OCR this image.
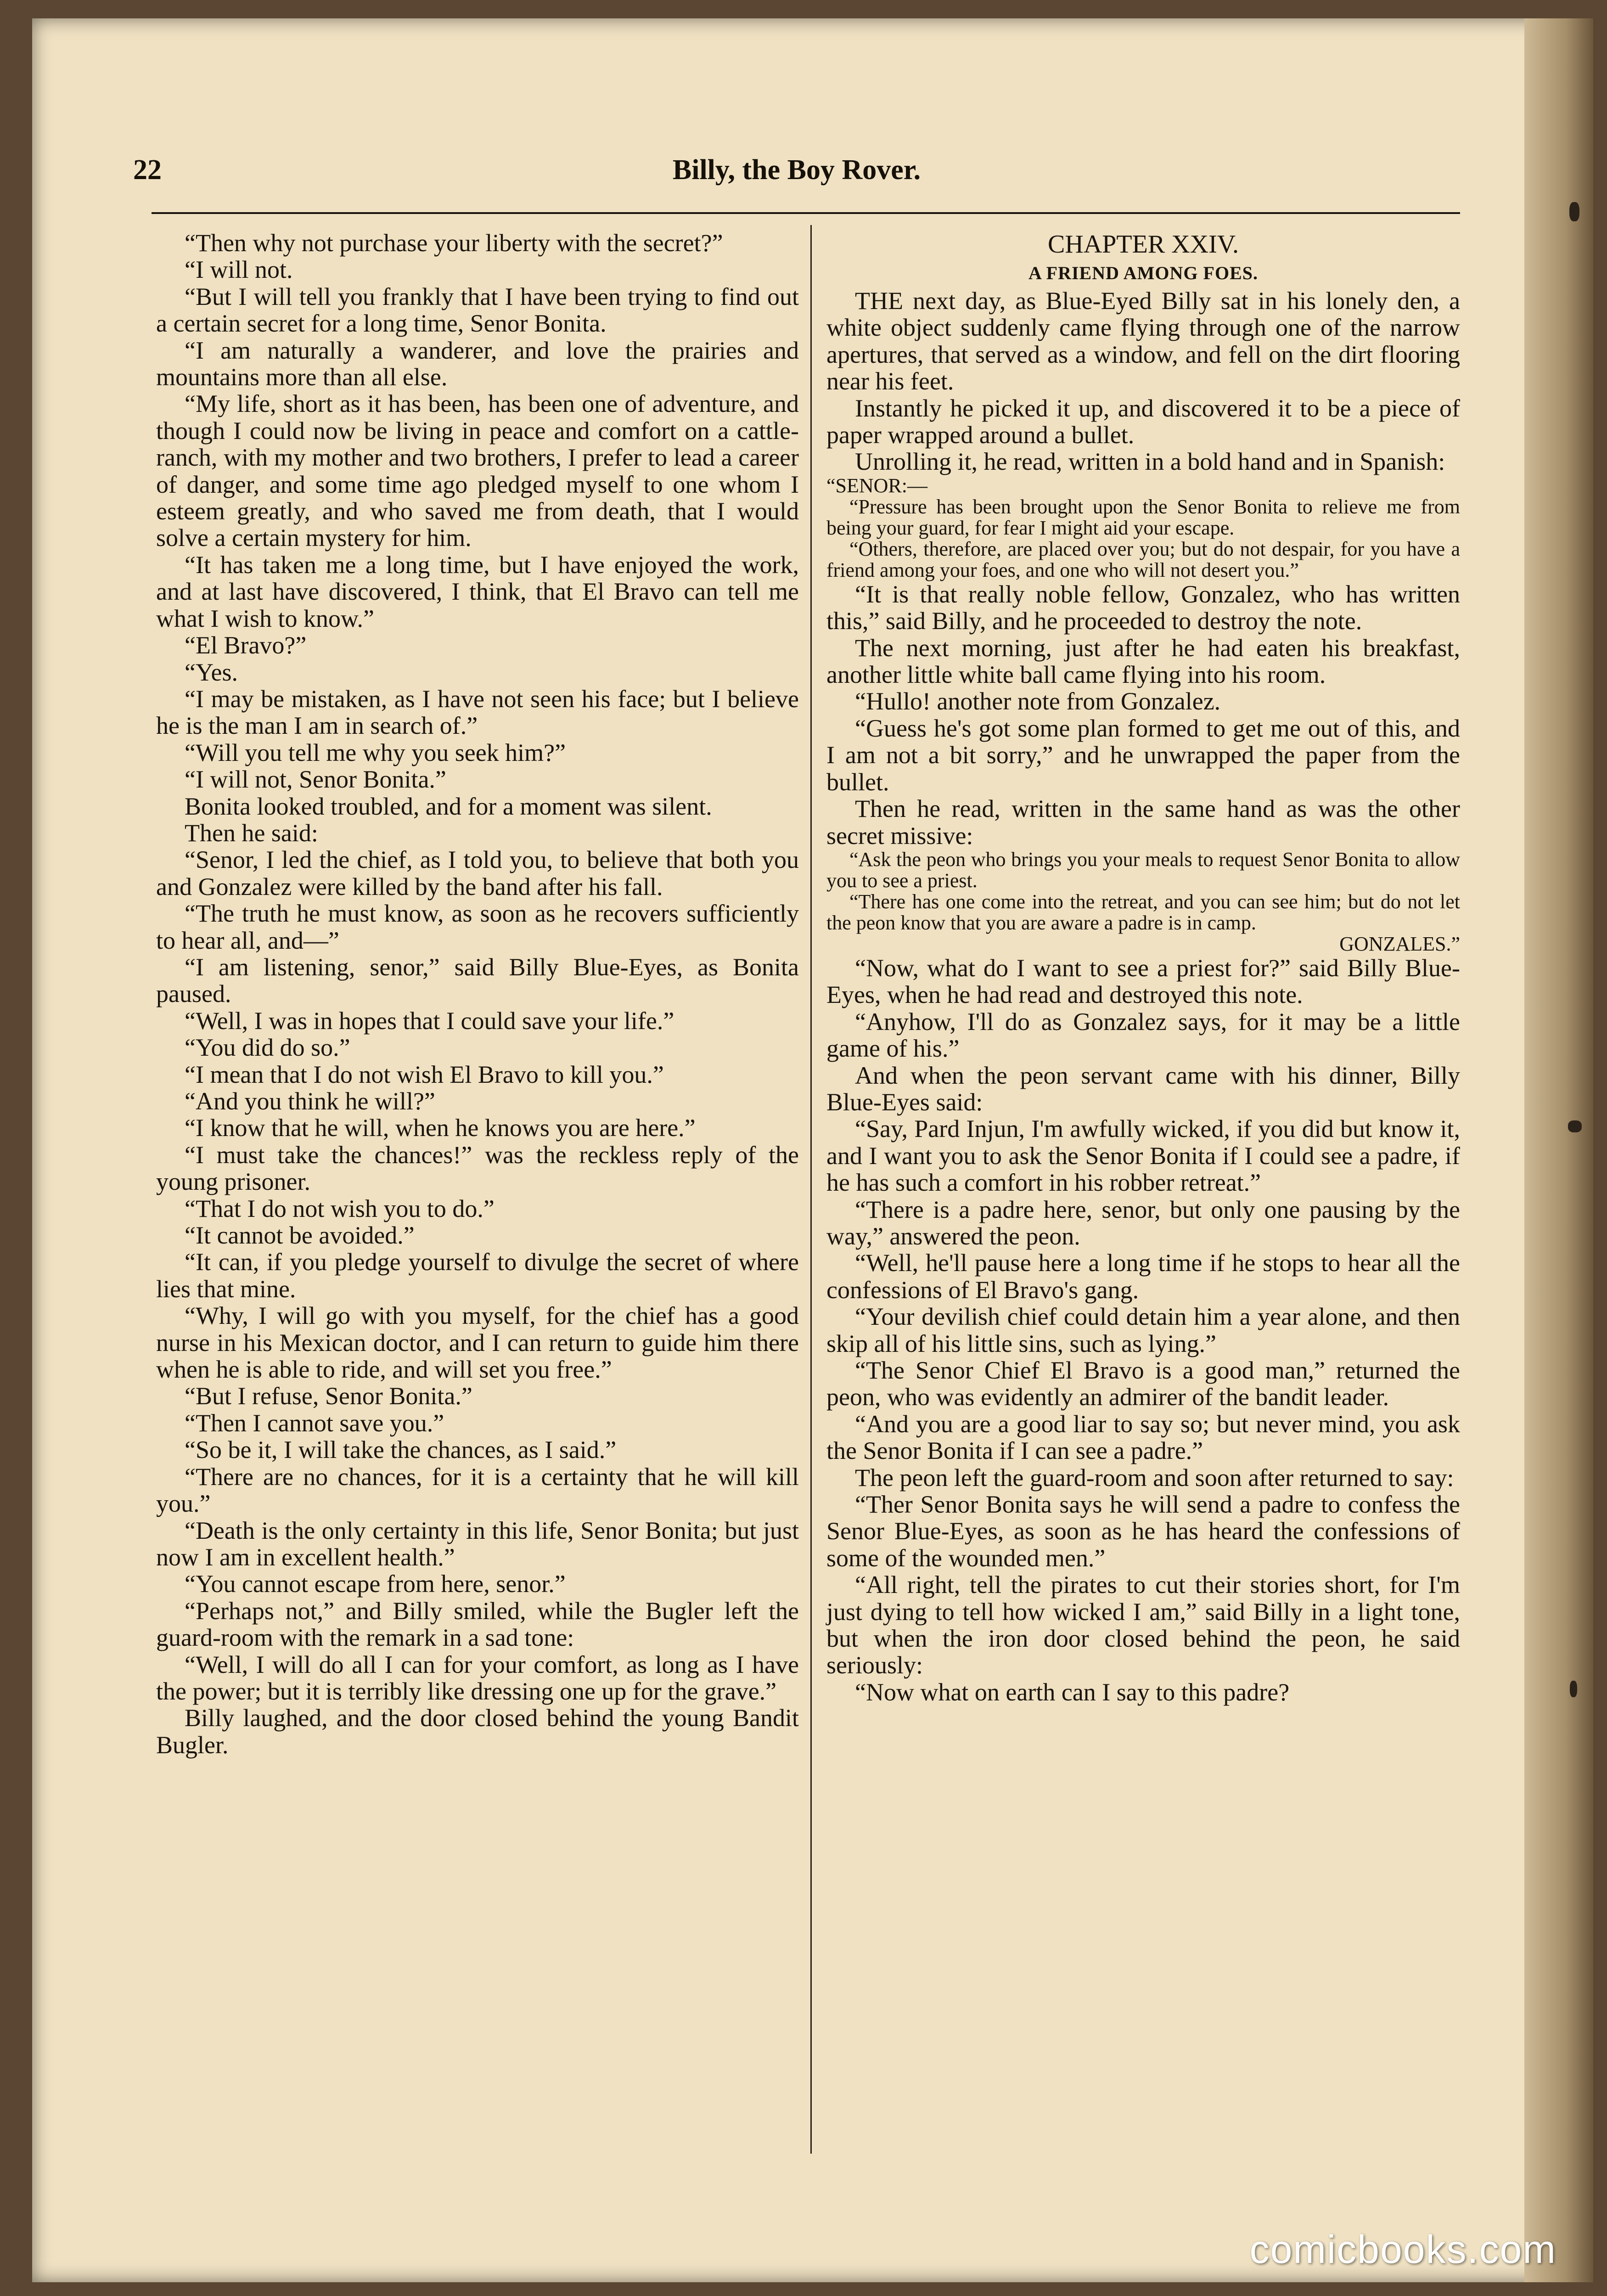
Billy, the Boy Rover.
22

“Then why not purchase your liberty with the secret?”

“I will not.

“But I will tell you frankly that I have been trying to find out a certain secret for a long time, Senor Bonita.

“I am naturally a wanderer, and love the prairies and mountains more than all else.

“My life, short as it has been, has been one of adventure, and though I could now be living in peace and comfort on a cattle-ranch, with my mother and two brothers, I prefer to lead a career of danger, and some time ago pledged myself to one whom I esteem greatly, and who saved me from death, that I would solve a certain mystery for him.

“It has taken me a long time, but I have enjoyed the work, and at last have discovered, I think, that El Bravo can tell me what I wish to know.”

“El Bravo?”

“Yes.

“I may be mistaken, as I have not seen his face; but I believe he is the man I am in search of.”

“Will you tell me why you seek him?”

“I will not, Senor Bonita.”

Bonita looked troubled, and for a moment was silent.

Then he said:

“Senor, I led the chief, as I told you, to believe that both you and Gonzalez were killed by the band after his fall.

“The truth he must know, as soon as he recovers sufficiently to hear all, and—”

“I am listening, senor,” said Billy Blue-Eyes, as Bonita paused.

“Well, I was in hopes that I could save your life.”

“You did do so.”

“I mean that I do not wish El Bravo to kill you.”

“And you think he will?”

“I know that he will, when he knows you are here.”

“I must take the chances!” was the reckless reply of the young prisoner.

“That I do not wish you to do.”

“It cannot be avoided.”

“It can, if you pledge yourself to divulge the secret of where lies that mine.

“Why, I will go with you myself, for the chief has a good nurse in his Mexican doctor, and I can return to guide him there when he is able to ride, and will set you free.”

“But I refuse, Senor Bonita.”

“Then I cannot save you.”

“So be it, I will take the chances, as I said.”

“There are no chances, for it is a certainty that he will kill you.”

“Death is the only certainty in this life, Senor Bonita; but just now I am in excellent health.”

“You cannot escape from here, senor.”

“Perhaps not,” and Billy smiled, while the Bugler left the guard-room with the remark in a sad tone:

“Well, I will do all I can for your comfort, as long as I have the power; but it is terribly like dressing one up for the grave.”

Billy laughed, and the door closed behind the young Bandit Bugler.

CHAPTER XXIV.
A FRIEND AMONG FOES.

THE next day, as Blue-Eyed Billy sat in his lonely den, a white object suddenly came flying through one of the narrow apertures, that served as a window, and fell on the dirt flooring near his feet.

Instantly he picked it up, and discovered it to be a piece of paper wrapped around a bullet.

Unrolling it, he read, written in a bold hand and in Spanish:

“SENOR:—

“Pressure has been brought upon the Senor Bonita to relieve me from being your guard, for fear I might aid your escape.

“Others, therefore, are placed over you; but do not despair, for you have a friend among your foes, and one who will not desert you.”

“It is that really noble fellow, Gonzalez, who has written this,” said Billy, and he proceeded to destroy the note.

The next morning, just after he had eaten his breakfast, another little white ball came flying into his room.

“Hullo! another note from Gonzalez.

“Guess he's got some plan formed to get me out of this, and I am not a bit sorry,” and he unwrapped the paper from the bullet.

Then he read, written in the same hand as was the other secret missive:

“Ask the peon who brings you your meals to request Senor Bonita to allow you to see a priest.

“There has one come into the retreat, and you can see him; but do not let the peon know that you are aware a padre is in camp.

GONZALES.”

“Now, what do I want to see a priest for?” said Billy Blue-Eyes, when he had read and destroyed this note.

“Anyhow, I'll do as Gonzalez says, for it may be a little game of his.”

And when the peon servant came with his dinner, Billy Blue-Eyes said:

“Say, Pard Injun, I'm awfully wicked, if you did but know it, and I want you to ask the Senor Bonita if I could see a padre, if he has such a comfort in his robber retreat.”

“There is a padre here, senor, but only one pausing by the way,” answered the peon.

“Well, he'll pause here a long time if he stops to hear all the confessions of El Bravo's gang.

“Your devilish chief could detain him a year alone, and then skip all of his little sins, such as lying.”

“The Senor Chief El Bravo is a good man,” returned the peon, who was evidently an admirer of the bandit leader.

“And you are a good liar to say so; but never mind, you ask the Senor Bonita if I can see a padre.”

The peon left the guard-room and soon after returned to say:

“Ther Senor Bonita says he will send a padre to confess the Senor Blue-Eyes, as soon as he has heard the confessions of some of the wounded men.”

“All right, tell the pirates to cut their stories short, for I'm just dying to tell how wicked I am,” said Billy in a light tone, but when the iron door closed behind the peon, he said seriously:

“Now what on earth can I say to this padre?

comicbooks.com
